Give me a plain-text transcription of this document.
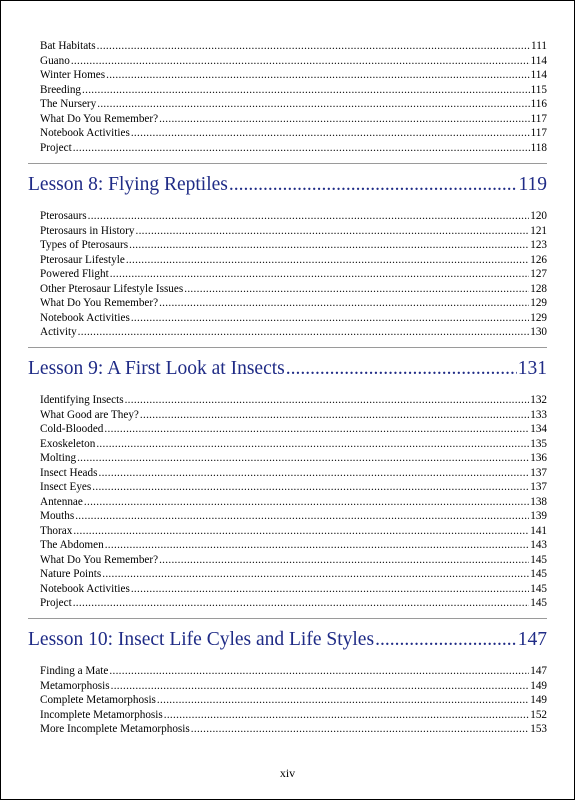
Bat Habitats .....	111
Guano .....	114
Winter Homes .....	114
Breeding .....	115
The Nursery .....	116
What Do You Remember? .....	117
Notebook Activities .....	117
Project .....	118
Lesson 8: Flying Reptiles .....	119
Pterosaurs .....	120
Pterosaurs in History .....	121
Types of Pterosaurs .....	123
Pterosaur Lifestyle .....	126
Powered Flight .....	127
Other Pterosaur Lifestyle Issues .....	128
What Do You Remember? .....	129
Notebook Activities .....	129
Activity .....	130
Lesson 9: A First Look at Insects .....	131
Identifying Insects .....	132
What Good are They? .....	133
Cold-Blooded .....	134
Exoskeleton .....	135
Molting .....	136
Insect Heads .....	137
Insect Eyes .....	137
Antennae .....	138
Mouths .....	139
Thorax .....	141
The Abdomen .....	143
What Do You Remember? .....	145
Nature Points .....	145
Notebook Activities .....	145
Project .....	145
Lesson 10: Insect Life Cyles and Life Styles .....	147
Finding a Mate .....	147
Metamorphosis .....	149
Complete Metamorphosis .....	149
Incomplete Metamorphosis .....	152
More Incomplete Metamorphosis .....	153
xiv
